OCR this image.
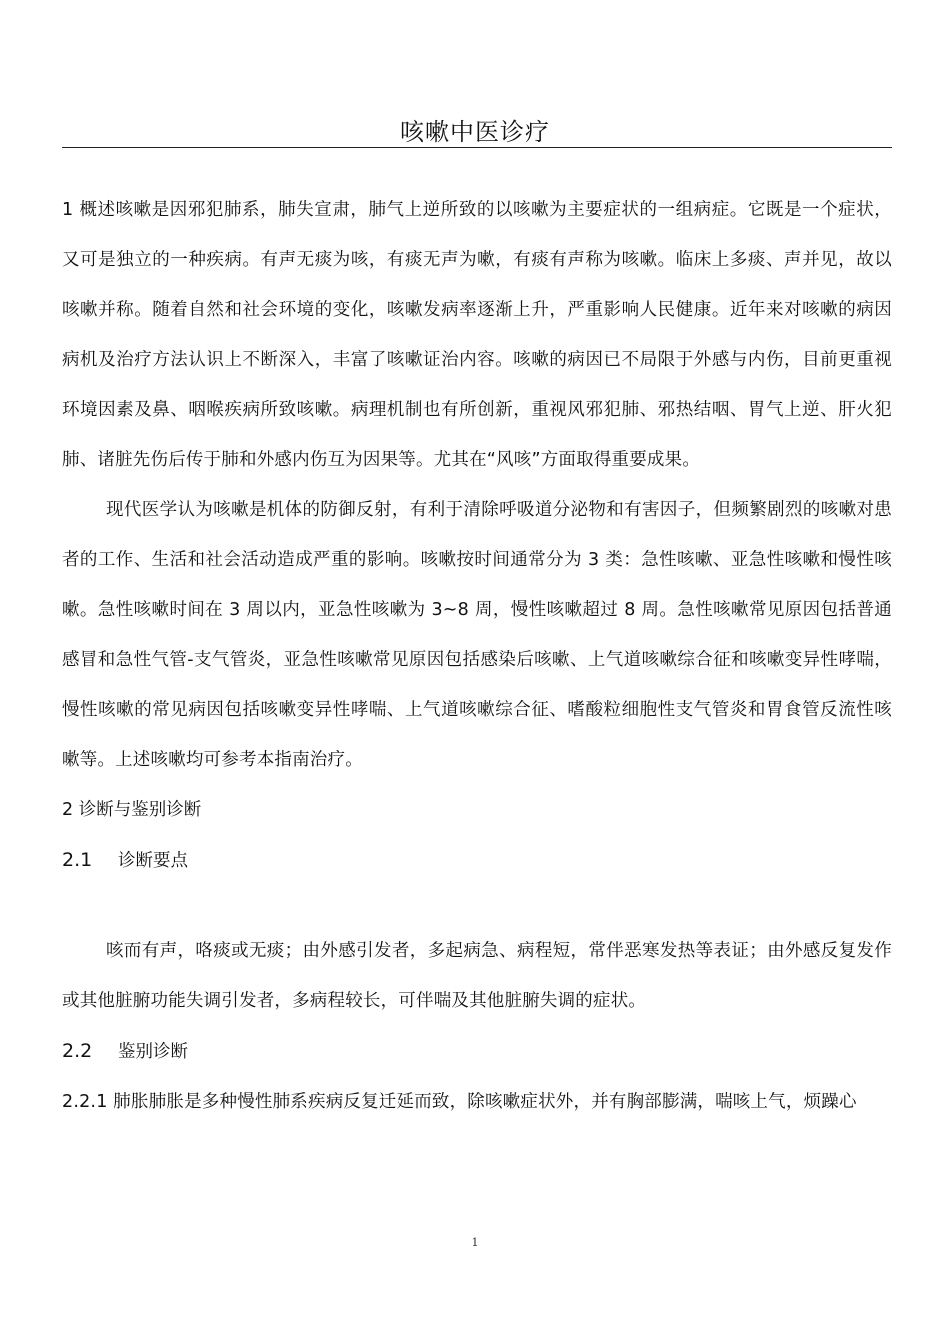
咳嗽中医诊疗

1 概述咳嗽是因邪犯肺系，肺失宣肃，肺气上逆所致的以咳嗽为主要症状的一组病症。它既是一个症状，又可是独立的一种疾病。有声无痰为咳，有痰无声为嗽，有痰有声称为咳嗽。临床上多痰、声并见，故以咳嗽并称。随着自然和社会环境的变化，咳嗽发病率逐渐上升，严重影响人民健康。近年来对咳嗽的病因病机及治疗方法认识上不断深入，丰富了咳嗽证治内容。咳嗽的病因已不局限于外感与内伤，目前更重视环境因素及鼻、咽喉疾病所致咳嗽。病理机制也有所创新，重视风邪犯肺、邪热结咽、胃气上逆、肝火犯肺、诸脏先伤后传于肺和外感内伤互为因果等。尤其在“风咳”方面取得重要成果。

现代医学认为咳嗽是机体的防御反射，有利于清除呼吸道分泌物和有害因子，但频繁剧烈的咳嗽对患者的工作、生活和社会活动造成严重的影响。咳嗽按时间通常分为 3 类：急性咳嗽、亚急性咳嗽和慢性咳嗽。急性咳嗽时间在 3 周以内，亚急性咳嗽为 3~8 周，慢性咳嗽超过 8 周。急性咳嗽常见原因包括普通感冒和急性气管-支气管炎，亚急性咳嗽常见原因包括感染后咳嗽、上气道咳嗽综合征和咳嗽变异性哮喘，慢性咳嗽的常见病因包括咳嗽变异性哮喘、上气道咳嗽综合征、嗜酸粒细胞性支气管炎和胃食管反流性咳嗽等。上述咳嗽均可参考本指南治疗。

2 诊断与鉴别诊断
2.1 诊断要点

咳而有声，咯痰或无痰；由外感引发者，多起病急、病程短，常伴恶寒发热等表证；由外感反复发作或其他脏腑功能失调引发者，多病程较长，可伴喘及其他脏腑失调的症状。

2.2 鉴别诊断

2.2.1 肺胀肺胀是多种慢性肺系疾病反复迁延而致，除咳嗽症状外，并有胸部膨满，喘咳上气，烦躁心

1
